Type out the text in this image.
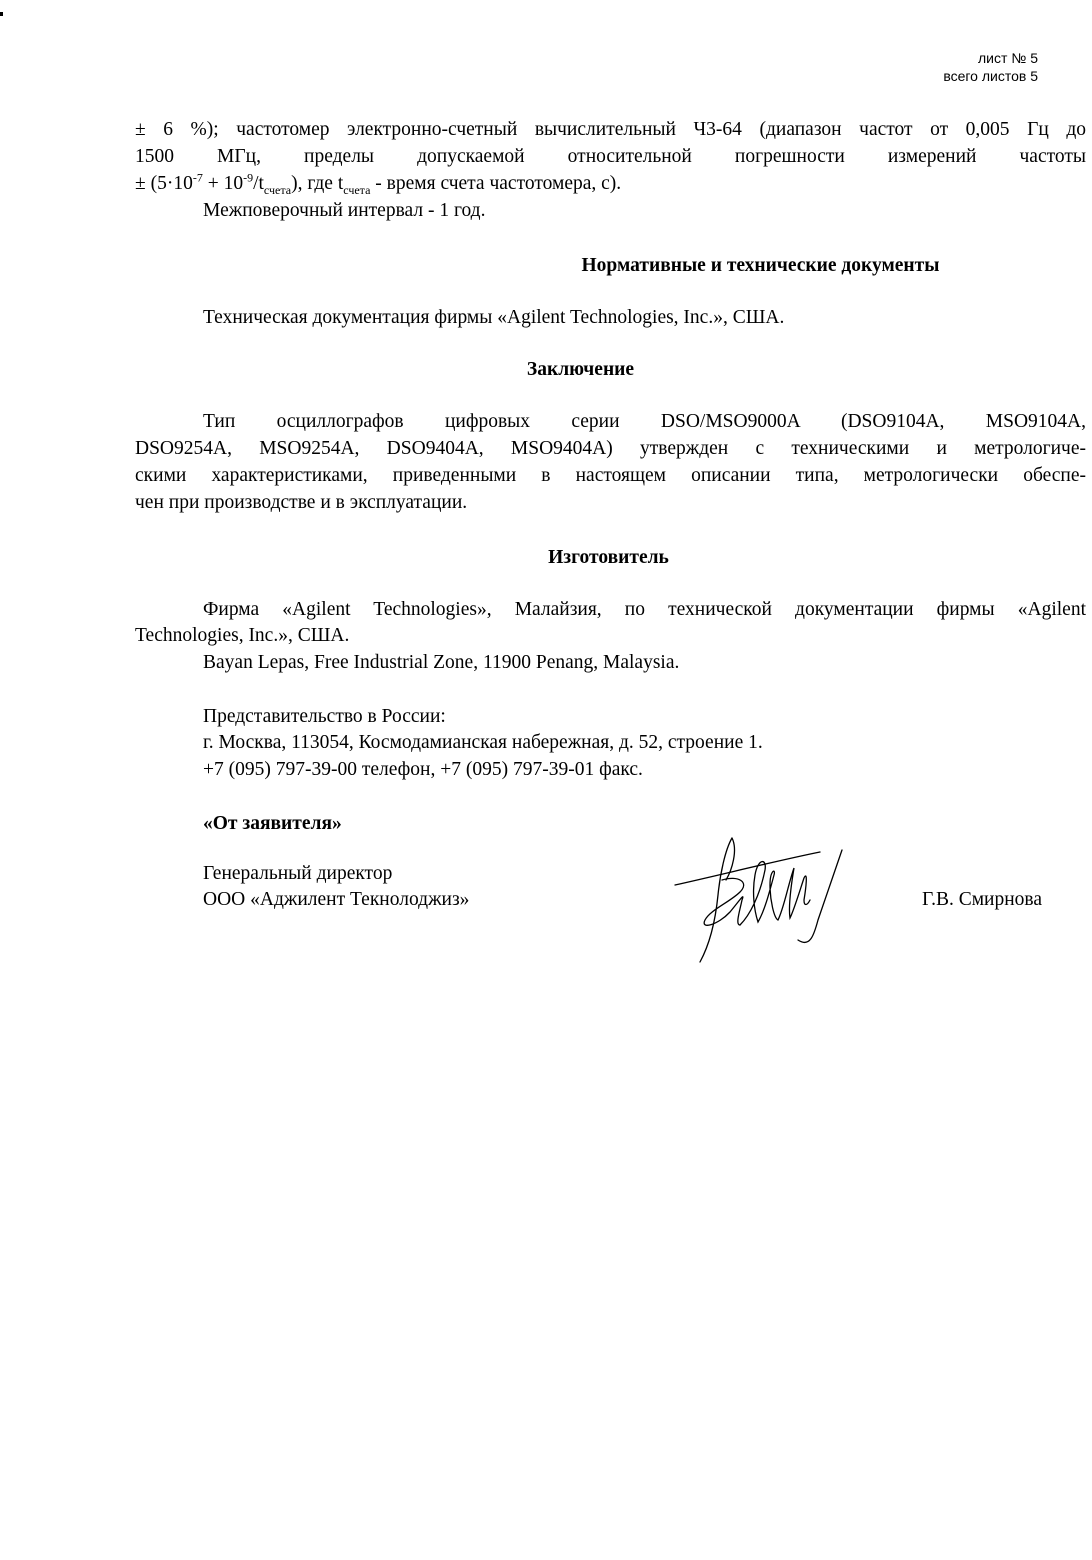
лист № 5
всего листов 5
± 6 %); частотомер электронно-счетный вычислительный Ч3-64 (диапазон частот от 0,005 Гц до
1500 МГц, пределы допускаемой относительной погрешности измерений частоты
± $(5\cdot 10^{-7} + 10^{-9}/t_{счета})$, где $t_{счета}$ - время счета частотомера, с).
Межповерочный интервал - 1 год.
Нормативные и технические документы
Техническая документация фирмы «Agilent Technologies, Inc.», США.
Заключение
Тип осциллографов цифровых серии DSO/MSO9000A (DSO9104A, MSO9104A,
DSO9254A, MSO9254A, DSO9404A, MSO9404A) утвержден с техническими и метрологиче-
скими характеристиками, приведенными в настоящем описании типа, метрологически обеспе-
чен при производстве и в эксплуатации.
Изготовитель
Фирма «Agilent Technologies», Малайзия, по технической документации фирмы «Agilent
Technologies, Inc.», США.
Bayan Lepas, Free Industrial Zone, 11900 Penang, Malaysia.
Представительство в России:
г. Москва, 113054, Космодамианская набережная, д. 52, строение 1.
+7 (095) 797-39-00 телефон, +7 (095) 797-39-01 факс.
«От заявителя»
Генеральный директор
ООО «Аджилент Текнолоджиз»	Г.В. Смирнова
